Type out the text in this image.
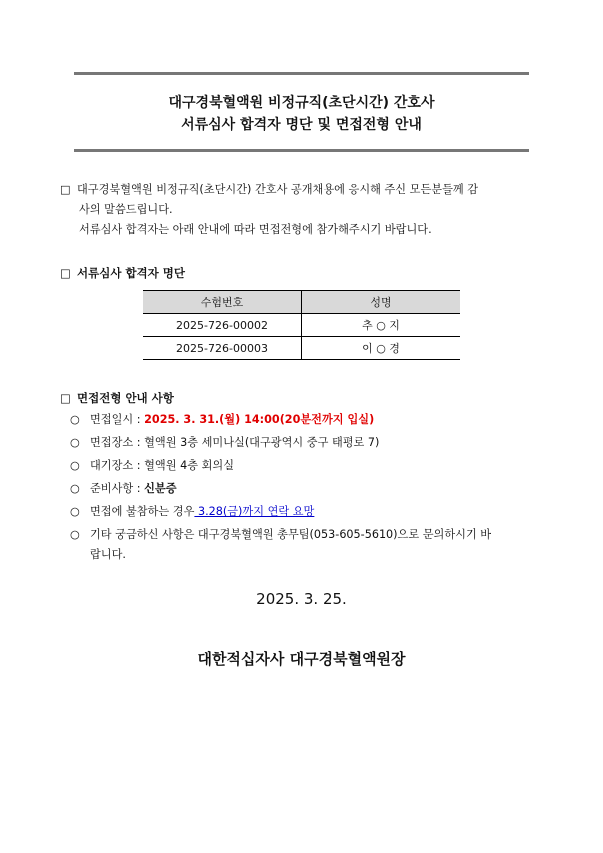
대구경북혈액원 비정규직(초단시간) 간호사
서류심사 합격자 명단 및 면접전형 안내
□ 대구경북혈액원 비정규직(초단시간) 간호사 공개채용에 응시해 주신 모든분들께 감
사의 말씀드립니다.
서류심사 합격자는 아래 안내에 따라 면접전형에 참가해주시기 바랍니다.
□ 서류심사 합격자 명단
수험번호	성명
2025-726-00002	추 ○ 지
2025-726-00003	이 ○ 경
□ 면접전형 안내 사항
○ 면접일시 : 2025. 3. 31.(월) 14:00(20분전까지 입실)
○ 면접장소 : 혈액원 3층 세미나실(대구광역시 중구 태평로 7)
○ 대기장소 : 혈액원 4층 회의실
○ 준비사항 : 신분증
○ 면접에 불참하는 경우 3.28(금)까지 연락 요망
○ 기타 궁금하신 사항은 대구경북혈액원 총무팀(053-605-5610)으로 문의하시기 바
랍니다.
2025. 3. 25.
대한적십자사 대구경북혈액원장
